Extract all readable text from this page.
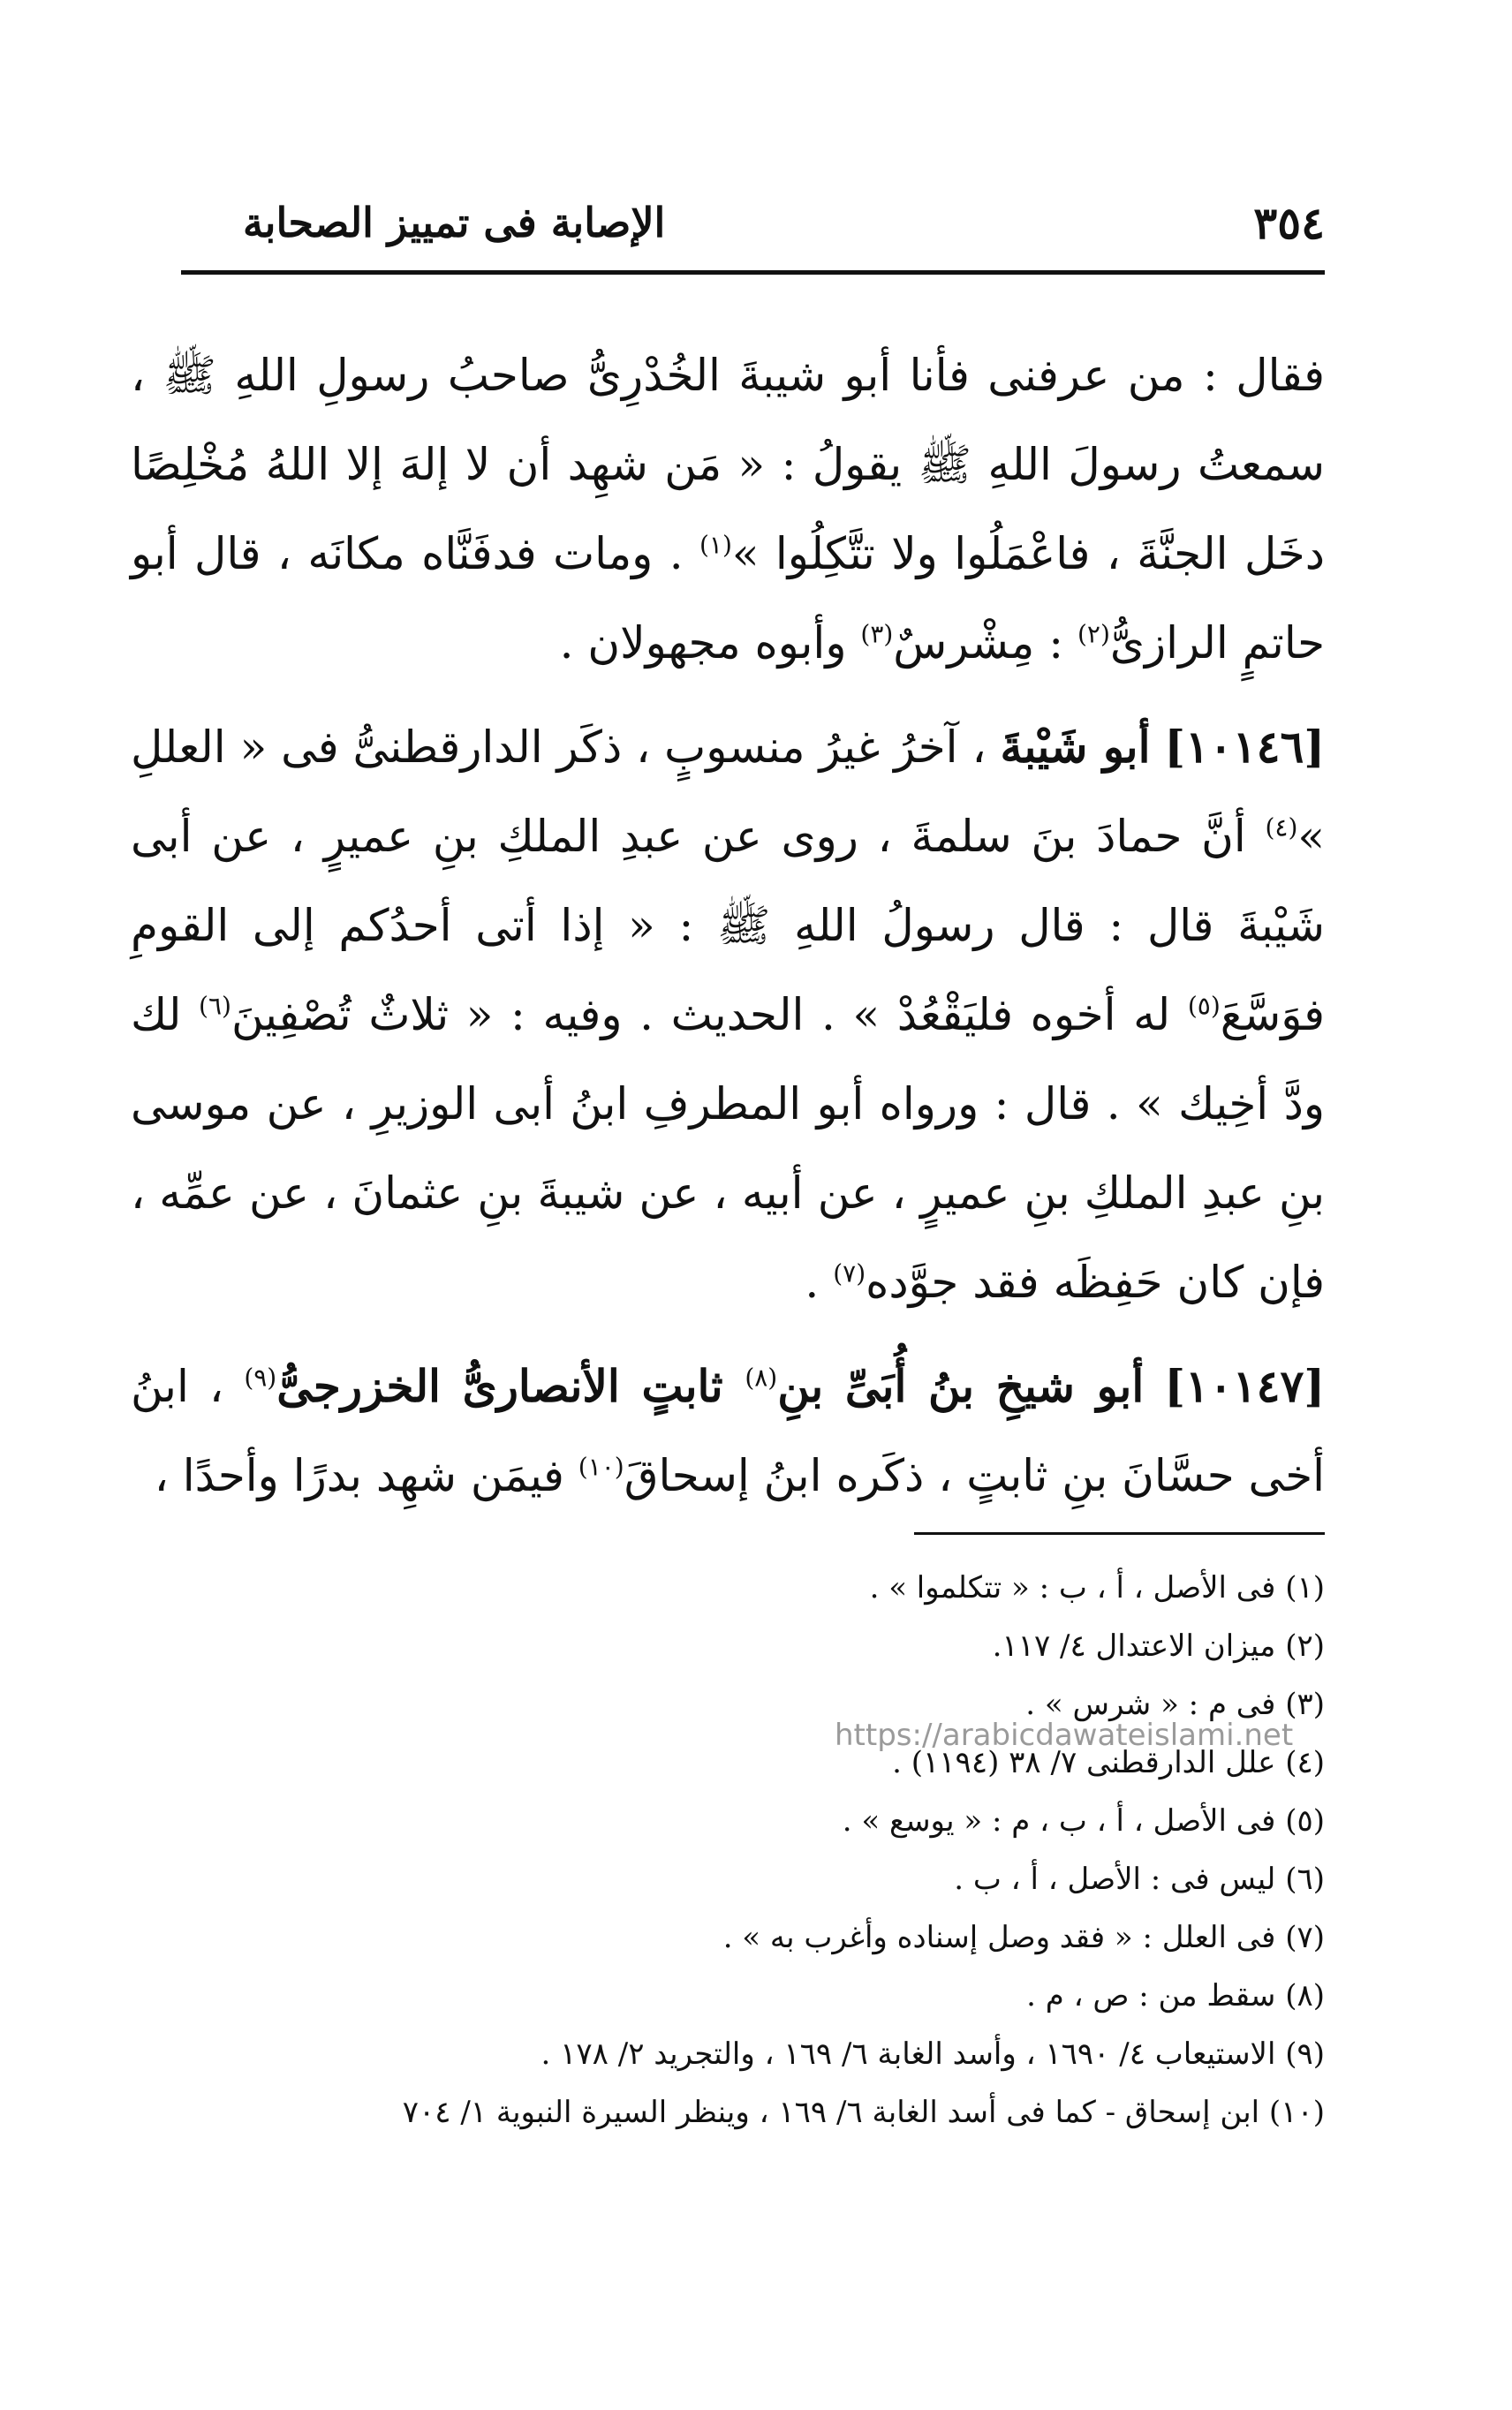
٣٥٤
الإصابة فى تمييز الصحابة

فقال : من عرفنى فأنا أبو شيبةَ الخُدْرِىُّ صاحبُ رسولِ اللهِ ﷺ ، سمعتُ رسولَ اللهِ ﷺ يقولُ : « مَن شهِد أن لا إلهَ إلا اللهُ مُخْلِصًا دخَل الجنَّةَ ، فاعْمَلُوا ولا تتَّكِلُوا »$^{(١)}$ . ومات فدفَنَّاه مكانَه ، قال أبو حاتمٍ الرازىُّ$^{(٢)}$ : مِشْرسٌ$^{(٣)}$ وأبوه مجهولان .

[١٠١٤٦] أبو شَيْبةَ ، آخرُ غيرُ منسوبٍ ، ذكَر الدارقطنىُّ فى « العللِ »$^{(٤)}$ أنَّ حمادَ بنَ سلمةَ ، روى عن عبدِ الملكِ بنِ عميرٍ ، عن أبى شَيْبةَ قال : قال رسولُ اللهِ ﷺ : « إذا أتى أحدُكم إلى القومِ فوَسَّعَ$^{(٥)}$ له أخوه فليَقْعُدْ » . الحديث . وفيه : « ثلاثٌ تُصْفِينَ$^{(٦)}$ لك ودَّ أخِيك » . قال : ورواه أبو المطرفِ ابنُ أبى الوزيرِ ، عن موسى بنِ عبدِ الملكِ بنِ عميرٍ ، عن أبيه ، عن شيبةَ بنِ عثمانَ ، عن عمِّه ، فإن كان حَفِظَه فقد جوَّده$^{(٧)}$ .

[١٠١٤٧] أبو شيخِ بنُ أُبَىِّ بنِ$^{(٨)}$ ثابتٍ الأنصارىُّ الخزرجىُّ$^{(٩)}$ ، ابنُ أخى حسَّانَ بنِ ثابتٍ ، ذكَره ابنُ إسحاقَ$^{(١٠)}$ فيمَن شهِد بدرًا وأحدًا ،

(١) فى الأصل ، أ ، ب : « تتكلموا » .
(٢) ميزان الاعتدال ٤/ ١١٧.
(٣) فى م : « شرس » .
(٤) علل الدارقطنى ٧/ ٣٨ (١١٩٤) .
(٥) فى الأصل ، أ ، ب ، م : « يوسع » .
(٦) ليس فى : الأصل ، أ ، ب .
(٧) فى العلل : « فقد وصل إسناده وأغرب به » .
(٨) سقط من : ص ، م .
(٩) الاستيعاب ٤/ ١٦٩٠ ، وأسد الغابة ٦/ ١٦٩ ، والتجريد ٢/ ١٧٨ .
(١٠) ابن إسحاق - كما فى أسد الغابة ٦/ ١٦٩ ، وينظر السيرة النبوية ١/ ٧٠٤
https://arabicdawateislami.net
